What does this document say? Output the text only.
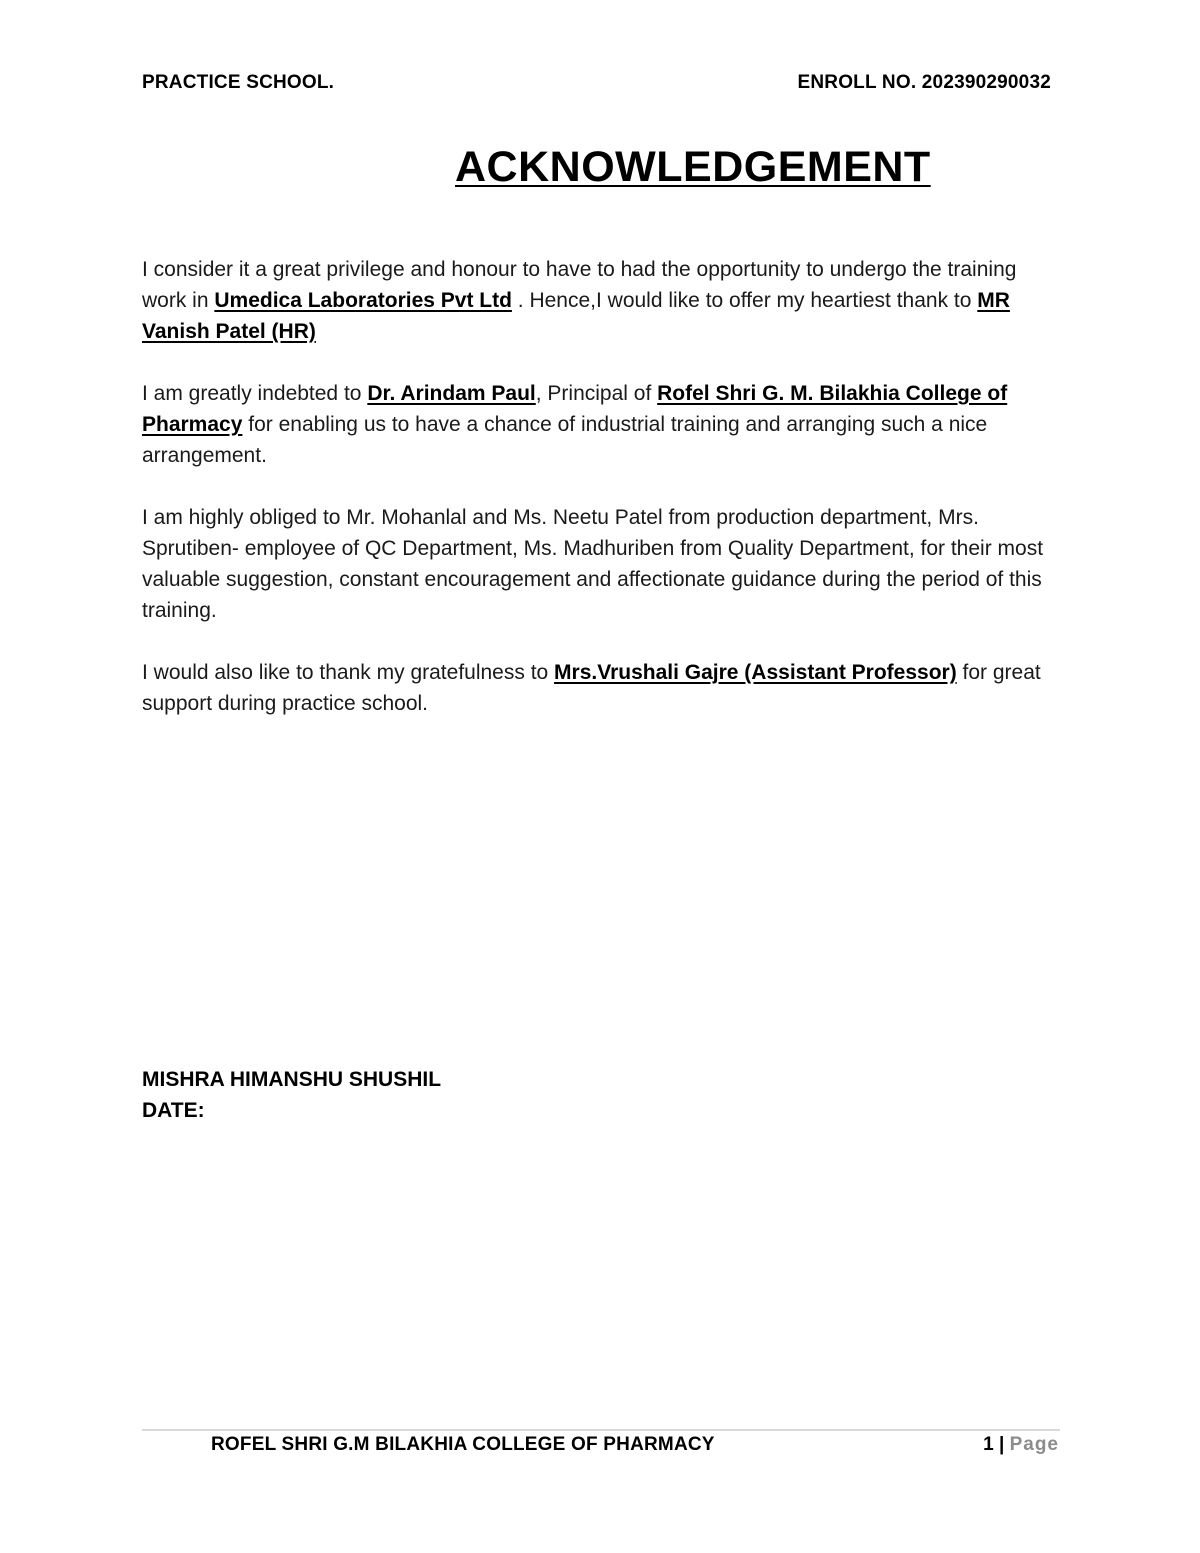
PRACTICE SCHOOL.	ENROLL NO. 202390290032
ACKNOWLEDGEMENT

I consider it a great privilege and honour to have to had the opportunity to undergo the training work in Umedica Laboratories Pvt Ltd . Hence,I would like to offer my heartiest thank to MR Vanish Patel (HR)

I am greatly indebted to Dr. Arindam Paul, Principal of Rofel Shri G. M. Bilakhia College of Pharmacy for enabling us to have a chance of industrial training and arranging such a nice arrangement.

I am highly obliged to Mr. Mohanlal and Ms. Neetu Patel from production department, Mrs. Sprutiben- employee of QC Department, Ms. Madhuriben from Quality Department, for their most valuable suggestion, constant encouragement and affectionate guidance during the period of this training.

I would also like to thank my gratefulness to Mrs.Vrushali Gajre (Assistant Professor) for great support during practice school.

MISHRA HIMANSHU SHUSHIL
DATE:
ROFEL SHRI G.M BILAKHIA COLLEGE OF PHARMACY	1 | Page
